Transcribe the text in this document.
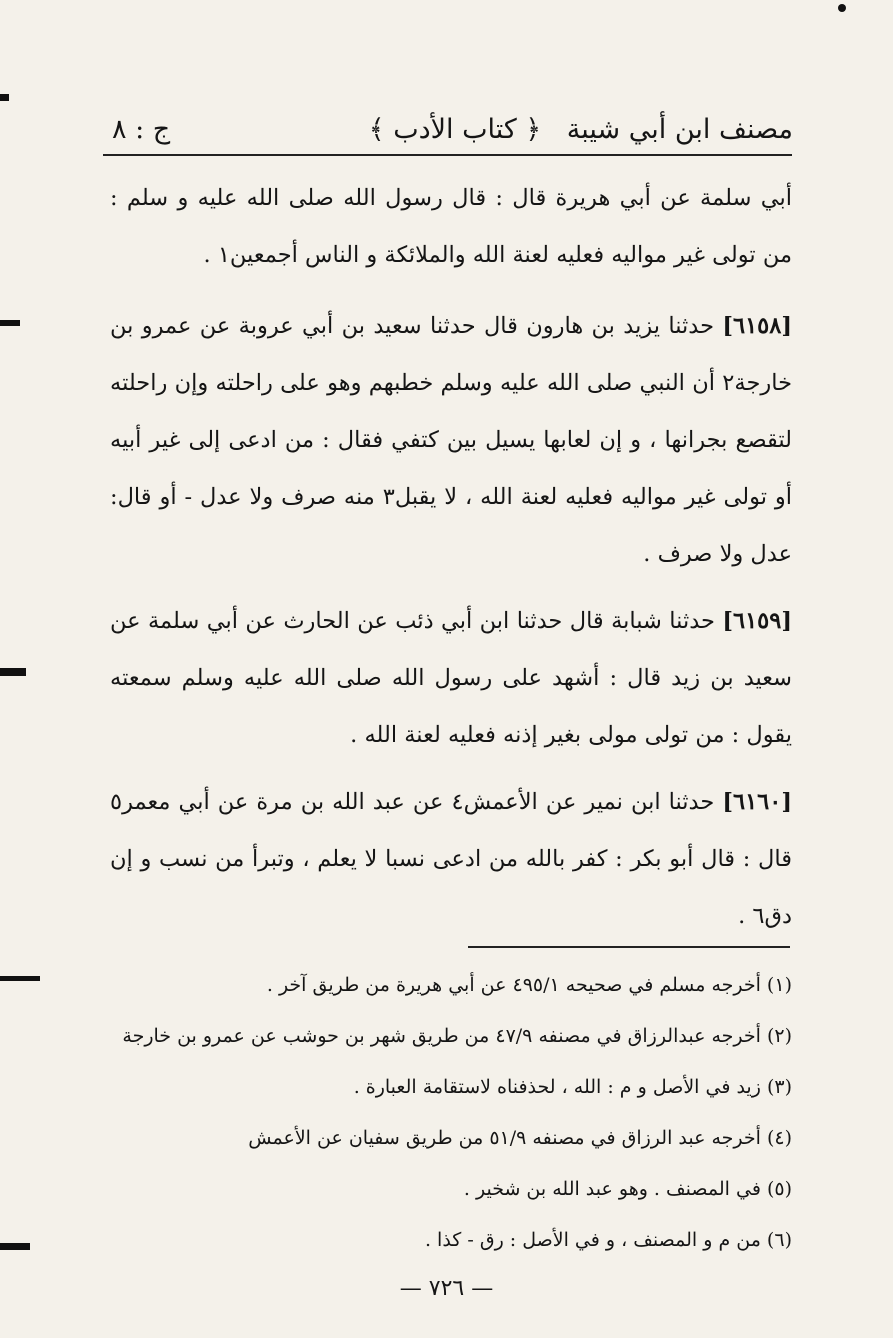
مصنف ابن أبي شيبة
﴿ كتاب الأدب ﴾
ج : ٨

أبي سلمة عن أبي هريرة قال : قال رسول الله صلى الله عليه و سلم : من تولى غير مواليه فعليه لعنة الله والملائكة و الناس أجمعين١ .

[٦١٥٨] حدثنا يزيد بن هارون قال حدثنا سعيد بن أبي عروبة عن عمرو بن خارجة٢ أن النبي صلى الله عليه وسلم خطبهم وهو على راحلته وإن راحلته لتقصع بجرانها ، و إن لعابها يسيل بين كتفي فقال : من ادعى إلى غير أبيه أو تولى غير مواليه فعليه لعنة الله ، لا يقبل٣ منه صرف ولا عدل - أو قال: عدل ولا صرف .

[٦١٥٩] حدثنا شبابة قال حدثنا ابن أبي ذئب عن الحارث عن أبي سلمة عن سعيد بن زيد قال : أشهد على رسول الله صلى الله عليه وسلم سمعته يقول : من تولى مولى بغير إذنه فعليه لعنة الله .

[٦١٦٠] حدثنا ابن نمير عن الأعمش٤ عن عبد الله بن مرة عن أبي معمر٥ قال : قال أبو بكر : كفر بالله من ادعى نسبا لا يعلم ، وتبرأ من نسب و إن دق٦ .

(١) أخرجه مسلم في صحيحه ٤٩٥/١ عن أبي هريرة من طريق آخر .
(٢) أخرجه عبدالرزاق في مصنفه ٤٧/٩ من طريق شهر بن حوشب عن عمرو بن خارجة
(٣) زيد في الأصل و م : الله ، لحذفناه لاستقامة العبارة .
(٤) أخرجه عبد الرزاق في مصنفه ٥١/٩ من طريق سفيان عن الأعمش
(٥) في المصنف . وهو عبد الله بن شخير .
(٦) من م و المصنف ، و في الأصل : رق - كذا .
— ٧٢٦ —
